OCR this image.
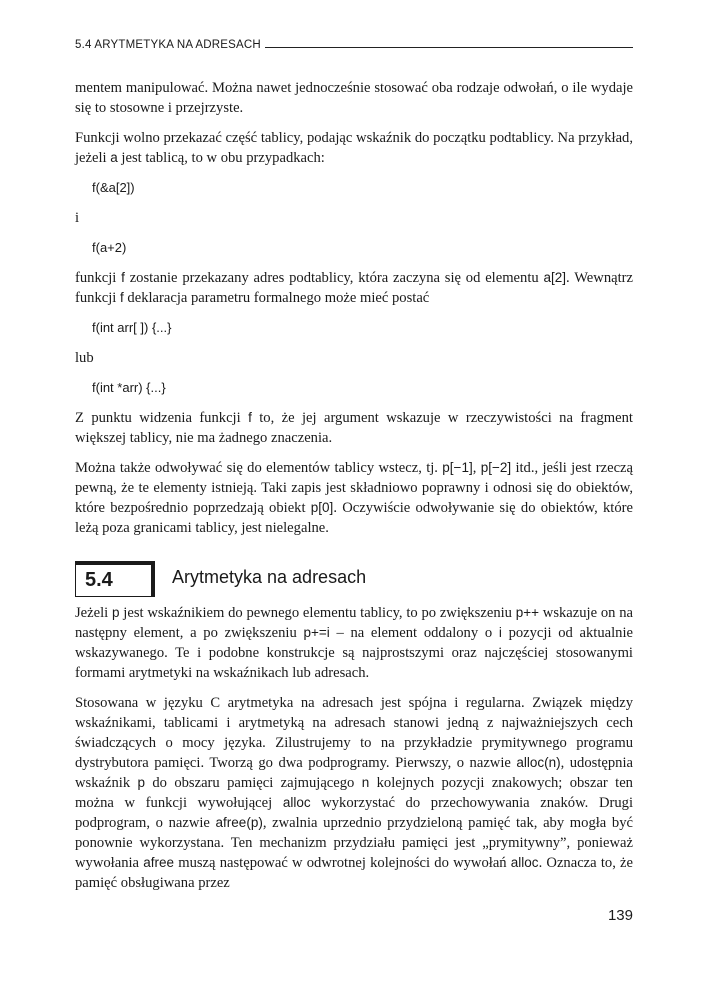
5.4 ARYTMETYKA NA ADRESACH

mentem manipulować. Można nawet jednocześnie stosować oba rodzaje odwołań, o ile wydaje się to stosowne i przejrzyste.

Funkcji wolno przekazać część tablicy, podając wskaźnik do początku podtablicy. Na przykład, jeżeli a jest tablicą, to w obu przypadkach:

f(&a[2])
i
f(a+2)

funkcji f zostanie przekazany adres podtablicy, która zaczyna się od elementu a[2]. Wewnątrz funkcji f deklaracja parametru formalnego może mieć postać

f(int arr[ ]) {...}
lub
f(int *arr) {...}

Z punktu widzenia funkcji f to, że jej argument wskazuje w rzeczywistości na fragment większej tablicy, nie ma żadnego znaczenia.

Można także odwoływać się do elementów tablicy wstecz, tj. p[−1], p[−2] itd., jeśli jest rzeczą pewną, że te elementy istnieją. Taki zapis jest składniowo poprawny i odnosi się do obiektów, które bezpośrednio poprzedzają obiekt p[0]. Oczywiście odwoływanie się do obiektów, które leżą poza granicami tablicy, jest nielegalne.

5.4	Arytmetyka na adresach

Jeżeli p jest wskaźnikiem do pewnego elementu tablicy, to po zwiększeniu p++ wskazuje on na następny element, a po zwiększeniu p+=i – na element oddalony o i pozycji od aktualnie wskazywanego. Te i podobne konstrukcje są najprostszymi oraz najczęściej stosowanymi formami arytmetyki na wskaźnikach lub adresach.

Stosowana w języku C arytmetyka na adresach jest spójna i regularna. Związek między wskaźnikami, tablicami i arytmetyką na adresach stanowi jedną z najważniejszych cech świadczących o mocy języka. Zilustrujemy to na przykładzie prymitywnego programu dystrybutora pamięci. Tworzą go dwa podprogramy. Pierwszy, o nazwie alloc(n), udostępnia wskaźnik p do obszaru pamięci zajmującego n kolejnych pozycji znakowych; obszar ten można w funkcji wywołującej alloc wykorzystać do przechowywania znaków. Drugi podprogram, o nazwie afree(p), zwalnia uprzednio przydzieloną pamięć tak, aby mogła być ponownie wykorzystana. Ten mechanizm przydziału pamięci jest „prymitywny”, ponieważ wywołania afree muszą następować w odwrotnej kolejności do wywołań alloc. Oznacza to, że pamięć obsługiwana przez

139
